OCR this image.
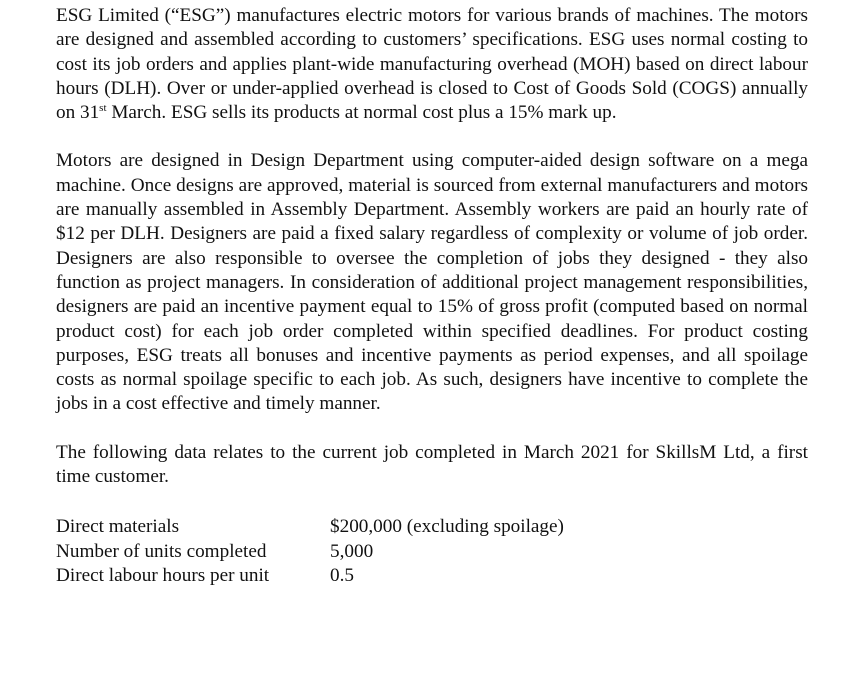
ESG Limited (“ESG”) manufactures electric motors for various brands of machines. The motors are designed and assembled according to customers’ specifications. ESG uses normal costing to cost its job orders and applies plant-wide manufacturing overhead (MOH) based on direct labour hours (DLH). Over or under-applied overhead is closed to Cost of Goods Sold (COGS) annually on 31st March. ESG sells its products at normal cost plus a 15% mark up.

Motors are designed in Design Department using computer-aided design software on a mega machine. Once designs are approved, material is sourced from external manufacturers and motors are manually assembled in Assembly Department. Assembly workers are paid an hourly rate of $12 per DLH. Designers are paid a fixed salary regardless of complexity or volume of job order. Designers are also responsible to oversee the completion of jobs they designed - they also function as project managers. In consideration of additional project management responsibilities, designers are paid an incentive payment equal to 15% of gross profit (computed based on normal product cost) for each job order completed within specified deadlines. For product costing purposes, ESG treats all bonuses and incentive payments as period expenses, and all spoilage costs as normal spoilage specific to each job. As such, designers have incentive to complete the jobs in a cost effective and timely manner.

The following data relates to the current job completed in March 2021 for SkillsM Ltd, a first time customer.

Direct materials	$200,000 (excluding spoilage)
Number of units completed	5,000
Direct labour hours per unit	0.5
